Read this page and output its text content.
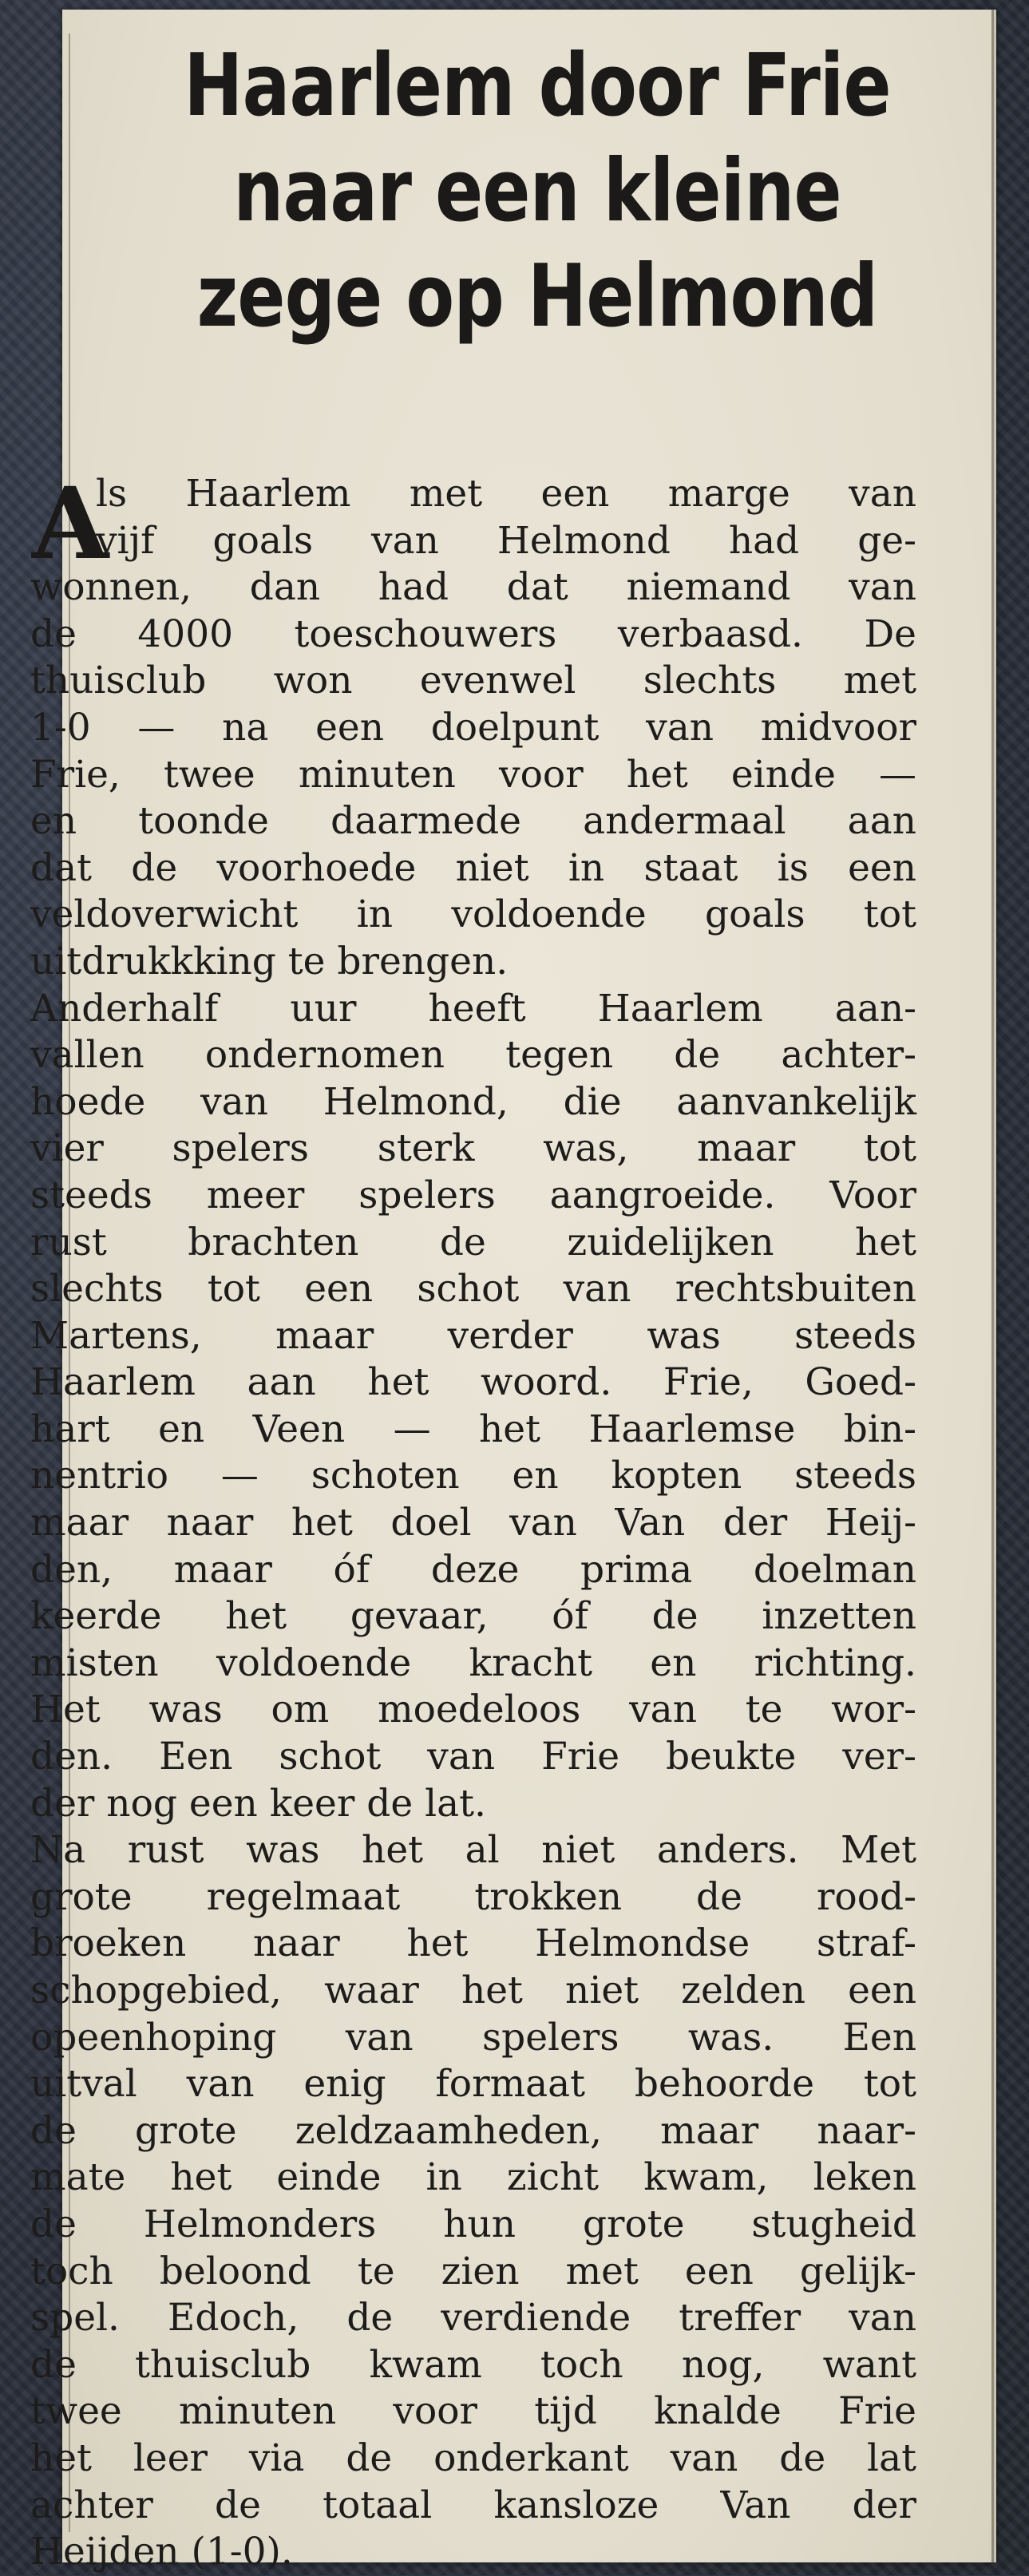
Haarlem door Frie
naar een kleine
zege op Helmond
A
ls Haarlem met een marge van
vijf goals van Helmond had ge-
wonnen, dan had dat niemand van
de 4000 toeschouwers verbaasd. De
thuisclub won evenwel slechts met
1-0 — na een doelpunt van midvoor
Frie, twee minuten voor het einde —
en toonde daarmede andermaal aan
dat de voorhoede niet in staat is een
veldoverwicht in voldoende goals tot
uitdrukkking te brengen.
Anderhalf uur heeft Haarlem aan-
vallen ondernomen tegen de achter-
hoede van Helmond, die aanvankelijk
vier spelers sterk was, maar tot
steeds meer spelers aangroeide. Voor
rust brachten de zuidelijken het
slechts tot een schot van rechtsbuiten
Martens, maar verder was steeds
Haarlem aan het woord. Frie, Goed-
hart en Veen — het Haarlemse bin-
nentrio — schoten en kopten steeds
maar naar het doel van Van der Heij-
den, maar óf deze prima doelman
keerde het gevaar, óf de inzetten
misten voldoende kracht en richting.
Het was om moedeloos van te wor-
den. Een schot van Frie beukte ver-
der nog een keer de lat.
Na rust was het al niet anders. Met
grote regelmaat trokken de rood-
broeken naar het Helmondse straf-
schopgebied, waar het niet zelden een
opeenhoping van spelers was. Een
uitval van enig formaat behoorde tot
de grote zeldzaamheden, maar naar-
mate het einde in zicht kwam, leken
de Helmonders hun grote stugheid
toch beloond te zien met een gelijk-
spel. Edoch, de verdiende treffer van
de thuisclub kwam toch nog, want
twee minuten voor tijd knalde Frie
het leer via de onderkant van de lat
achter de totaal kansloze Van der
Heijden (1-0).
